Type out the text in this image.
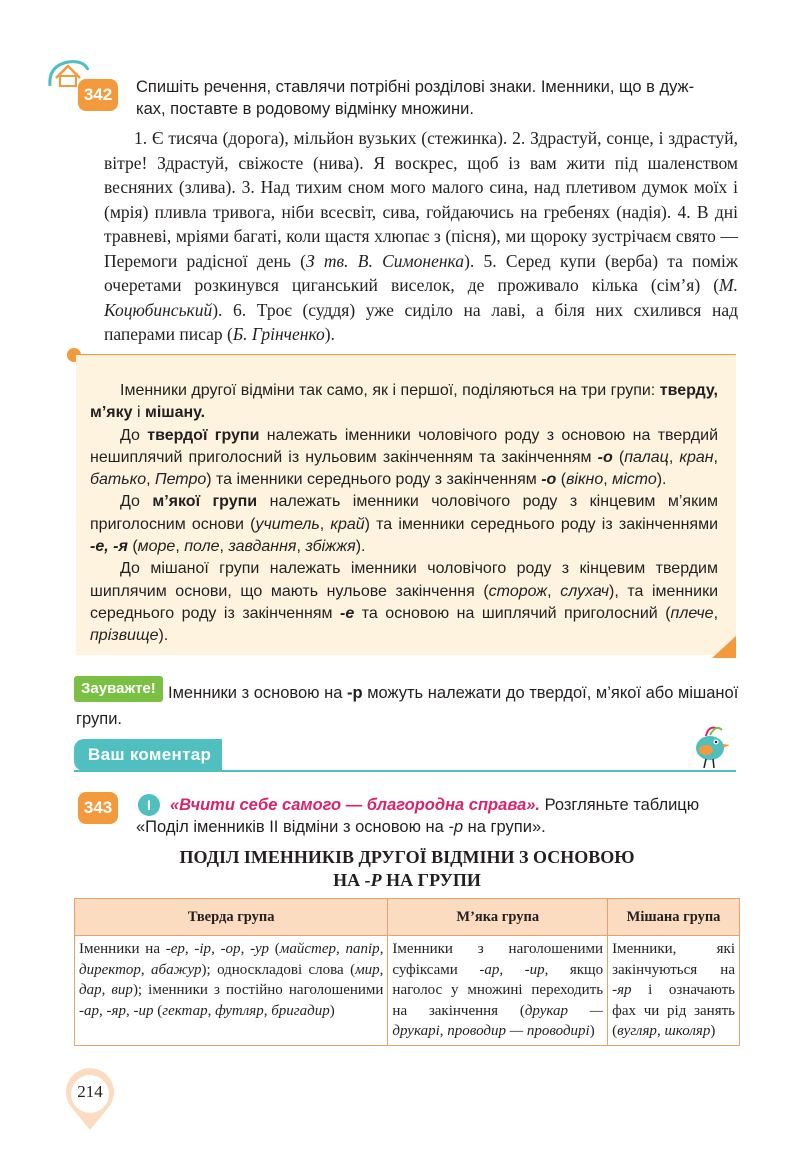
342	Спишіть речення, ставлячи потрібні розділові знаки. Іменники, що в дуж-
ках, поставте в родовому відмінку множини.

1. Є тисяча (дорога), мільйон вузьких (стежинка). 2. Здрастуй, сонце, і здрастуй, вітре! Здрастуй, свіжосте (нива). Я воскрес, щоб із вам жити під шаленством весняних (злива). 3. Над тихим сном мого малого сина, над плетивом думок моїх і (мрія) пливла тривога, ніби всесвіт, сива, гойдаючись на гребенях (надія). 4. В дні травневі, мріями багаті, коли щастя хлюпає з (пісня), ми щороку зустрічаєм свято — Перемоги радісної день (З тв. В. Симоненка). 5. Серед купи (верба) та поміж очеретами розкинувся циганський виселок, де проживало кілька (сім’я) (М. Коцюбинський). 6. Троє (суддя) уже сиділо на лаві, а біля них схилився над паперами писар (Б. Грінченко).

Іменники другої відміни так само, як і першої, поділяються на три групи: тверду, м’яку і мішану.

До твердої групи належать іменники чоловічого роду з основою на твердий нешиплячий приголосний із нульовим закінченням та закінченням -о (палац, кран, батько, Петро) та іменники середнього роду з закінченням -о (вікно, місто).

До м’якої групи належать іменники чоловічого роду з кінцевим м’яким приголосним основи (учитель, край) та іменники середнього роду із закінченнями -е, -я (море, поле, завдання, збіжжя).

До мішаної групи належать іменники чоловічого роду з кінцевим твердим шиплячим основи, що мають нульове закінчення (сторож, слухач), та іменники середнього роду із закінченням -е та основою на шиплячий приголосний (плече, прізвище).

Зауважте! Іменники з основою на -р можуть належати до твердої, м’якої або мішаної групи.
Ваш коментар
343	I	«Вчити себе самого — благородна справа». Розгляньте таблицю «Поділ іменників ІІ відміни з основою на -р на групи».
ПОДІЛ ІМЕННИКІВ ДРУГОЇ ВІДМІНИ З ОСНОВОЮ
НА -Р НА ГРУПИ
Тверда група	М’яка група	Мішана група
Іменники на -ер, -ір, -ор, -ур (майстер, папір, директор, абажур); односкладові слова (мир, дар, вир); іменники з постійно наголошеними -ар, -яр, -ир (гектар, футляр, бригадир)	Іменники з наголошеними суфіксами -ар, -ир, якщо наголос у множині переходить на закінчення (друкар — друкарі, проводир — проводирі)	Іменники, які закінчуються на -яр і означають фах чи рід занять (вугляр, школяр)
214
